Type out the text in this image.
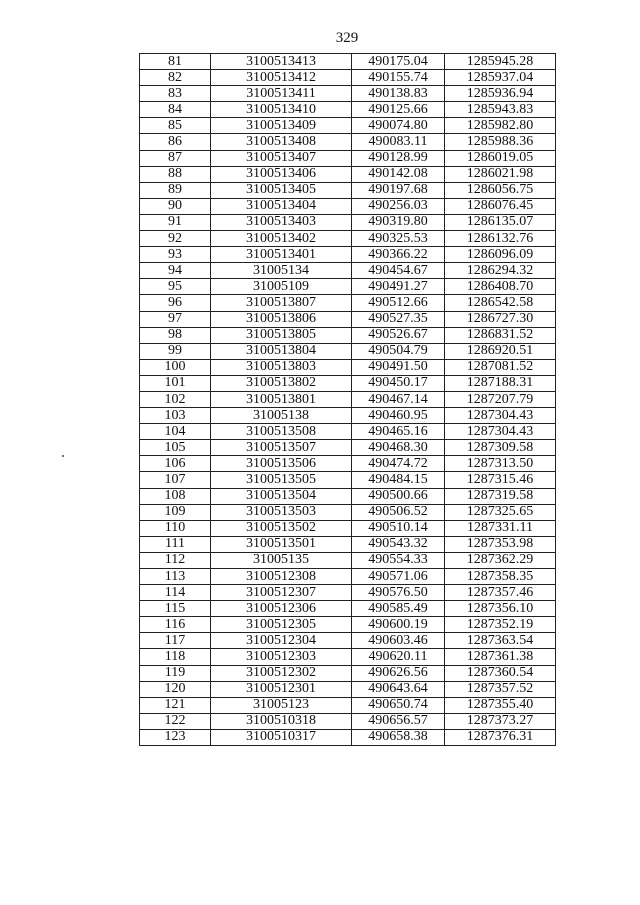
329
81	3100513413	490175.04	1285945.28
82	3100513412	490155.74	1285937.04
83	3100513411	490138.83	1285936.94
84	3100513410	490125.66	1285943.83
85	3100513409	490074.80	1285982.80
86	3100513408	490083.11	1285988.36
87	3100513407	490128.99	1286019.05
88	3100513406	490142.08	1286021.98
89	3100513405	490197.68	1286056.75
90	3100513404	490256.03	1286076.45
91	3100513403	490319.80	1286135.07
92	3100513402	490325.53	1286132.76
93	3100513401	490366.22	1286096.09
94	31005134	490454.67	1286294.32
95	31005109	490491.27	1286408.70
96	3100513807	490512.66	1286542.58
97	3100513806	490527.35	1286727.30
98	3100513805	490526.67	1286831.52
99	3100513804	490504.79	1286920.51
100	3100513803	490491.50	1287081.52
101	3100513802	490450.17	1287188.31
102	3100513801	490467.14	1287207.79
103	31005138	490460.95	1287304.43
104	3100513508	490465.16	1287304.43
105	3100513507	490468.30	1287309.58
106	3100513506	490474.72	1287313.50
107	3100513505	490484.15	1287315.46
108	3100513504	490500.66	1287319.58
109	3100513503	490506.52	1287325.65
110	3100513502	490510.14	1287331.11
111	3100513501	490543.32	1287353.98
112	31005135	490554.33	1287362.29
113	3100512308	490571.06	1287358.35
114	3100512307	490576.50	1287357.46
115	3100512306	490585.49	1287356.10
116	3100512305	490600.19	1287352.19
117	3100512304	490603.46	1287363.54
118	3100512303	490620.11	1287361.38
119	3100512302	490626.56	1287360.54
120	3100512301	490643.64	1287357.52
121	31005123	490650.74	1287355.40
122	3100510318	490656.57	1287373.27
123	3100510317	490658.38	1287376.31
